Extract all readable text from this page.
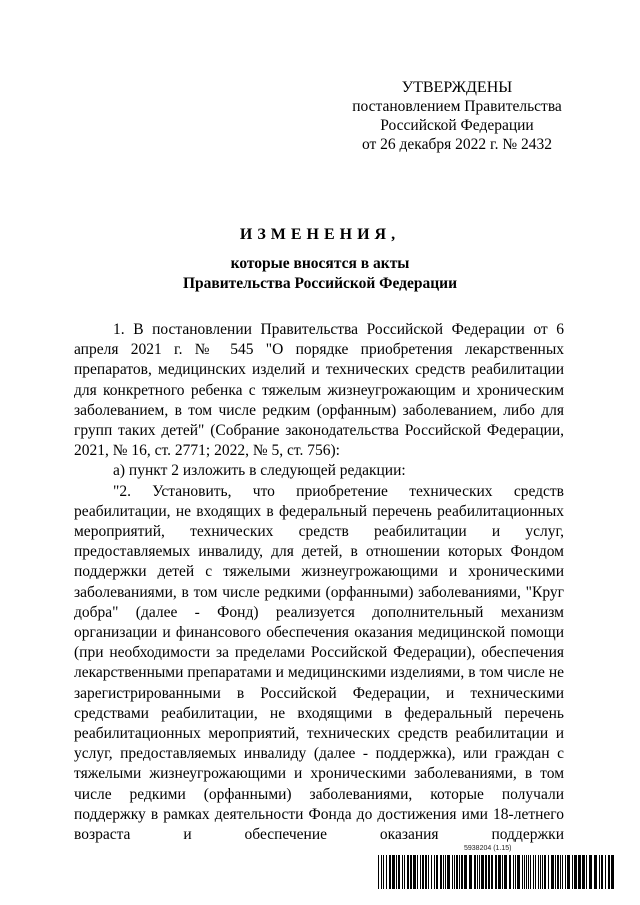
УТВЕРЖДЕНЫ
постановлением Правительства
Российской Федерации
от 26 декабря 2022 г. № 2432
ИЗМЕНЕНИЯ,
которые вносятся в акты
Правительства Российской Федерации

1. В постановлении Правительства Российской Федерации от 6 апреля 2021 г. № 545 "О порядке приобретения лекарственных препаратов, медицинских изделий и технических средств реабилитации для конкретного ребенка с тяжелым жизнеугрожающим и хроническим заболеванием, в том числе редким (орфанным) заболеванием, либо для групп таких детей" (Собрание законодательства Российской Федерации, 2021, № 16, ст. 2771; 2022, № 5, ст. 756):

а) пункт 2 изложить в следующей редакции:

"2. Установить, что приобретение технических средств реабилитации, не входящих в федеральный перечень реабилитационных мероприятий, технических средств реабилитации и услуг, предоставляемых инвалиду, для детей, в отношении которых Фондом поддержки детей с тяжелыми жизнеугрожающими и хроническими заболеваниями, в том числе редкими (орфанными) заболеваниями, "Круг добра" (далее - Фонд) реализуется дополнительный механизм организации и финансового обеспечения оказания медицинской помощи (при необходимости за пределами Российской Федерации), обеспечения лекарственными препаратами и медицинскими изделиями, в том числе не зарегистрированными в Российской Федерации, и техническими средствами реабилитации, не входящими в федеральный перечень реабилитационных мероприятий, технических средств реабилитации и услуг, предоставляемых инвалиду (далее - поддержка), или граждан с тяжелыми жизнеугрожающими и хроническими заболеваниями, в том числе редкими (орфанными) заболеваниями, которые получали поддержку в рамках деятельности Фонда до достижения ими 18-летнего возраста и обеспечение оказания поддержки

5938204 (1.15)
